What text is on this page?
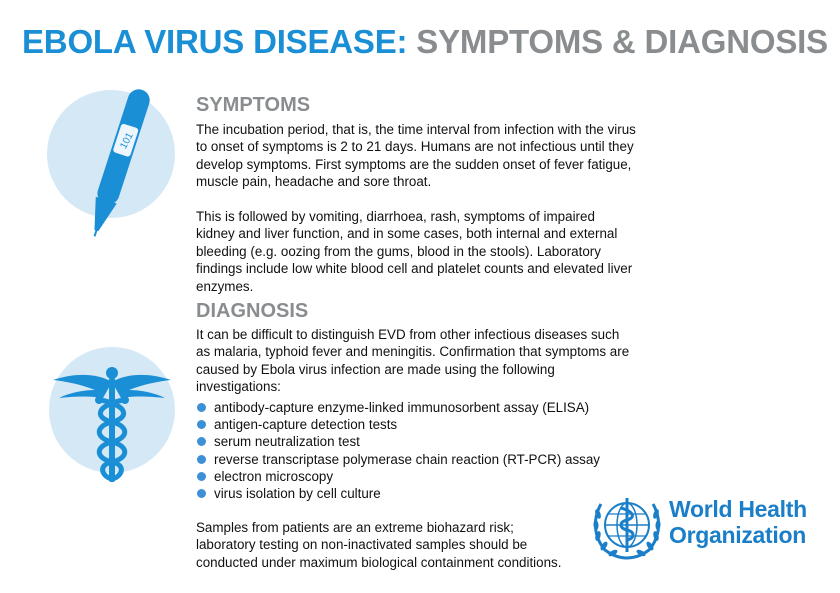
EBOLA VIRUS DISEASE: SYMPTOMS & DIAGNOSIS
101
SYMPTOMS

The incubation period, that is, the time interval from infection with the virus to onset of symptoms is 2 to 21 days. Humans are not infectious until they develop symptoms. First symptoms are the sudden onset of fever fatigue, muscle pain, headache and sore throat.

This is followed by vomiting, diarrhoea, rash, symptoms of impaired kidney and liver function, and in some cases, both internal and external bleeding (e.g. oozing from the gums, blood in the stools). Laboratory findings include low white blood cell and platelet counts and elevated liver enzymes.

DIAGNOSIS

It can be difficult to distinguish EVD from other infectious diseases such as malaria, typhoid fever and meningitis. Confirmation that symptoms are caused by Ebola virus infection are made using the following investigations:

antibody-capture enzyme-linked immunosorbent assay (ELISA)
antigen-capture detection tests
serum neutralization test
reverse transcriptase polymerase chain reaction (RT-PCR) assay
electron microscopy
virus isolation by cell culture

Samples from patients are an extreme biohazard risk; laboratory testing on non-inactivated samples should be conducted under maximum biological containment conditions.

World Health
Organization
